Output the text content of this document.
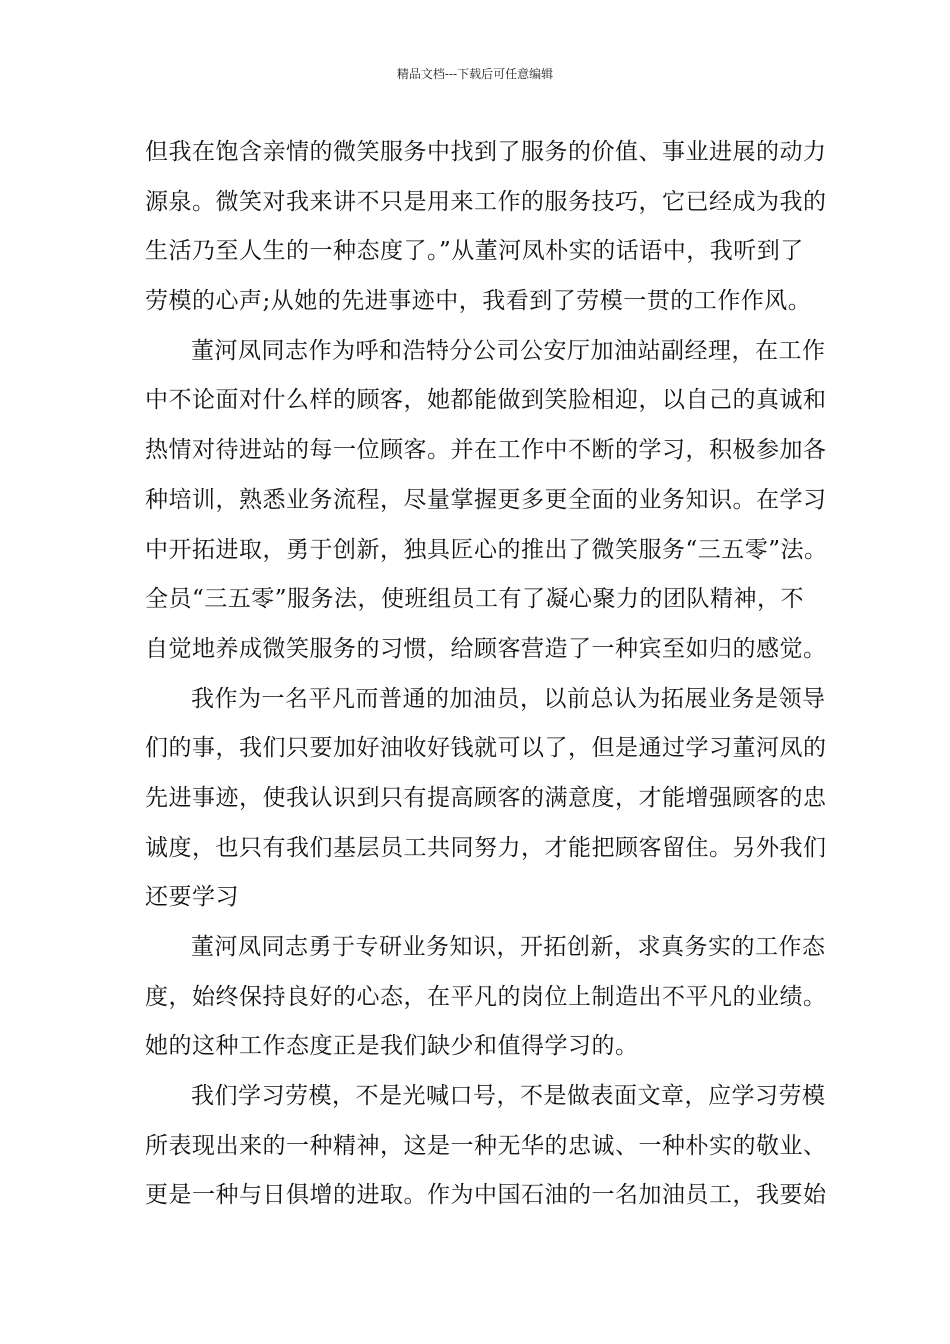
精品文档---下载后可任意编辑
但我在饱含亲情的微笑服务中找到了服务的价值、事业进展的动力
源泉。微笑对我来讲不只是用来工作的服务技巧，它已经成为我的
生活乃至人生的一种态度了。”从董河凤朴实的话语中，我听到了
劳模的心声;从她的先进事迹中，我看到了劳模一贯的工作作风。
董河凤同志作为呼和浩特分公司公安厅加油站副经理，在工作
中不论面对什么样的顾客，她都能做到笑脸相迎，以自己的真诚和
热情对待进站的每一位顾客。并在工作中不断的学习，积极参加各
种培训，熟悉业务流程，尽量掌握更多更全面的业务知识。在学习
中开拓进取，勇于创新，独具匠心的推出了微笑服务“三五零”法。
全员“三五零”服务法，使班组员工有了凝心聚力的团队精神，不
自觉地养成微笑服务的习惯，给顾客营造了一种宾至如归的感觉。
我作为一名平凡而普通的加油员，以前总认为拓展业务是领导
们的事，我们只要加好油收好钱就可以了，但是通过学习董河凤的
先进事迹，使我认识到只有提高顾客的满意度，才能增强顾客的忠
诚度，也只有我们基层员工共同努力，才能把顾客留住。另外我们
还要学习
董河凤同志勇于专研业务知识，开拓创新，求真务实的工作态
度，始终保持良好的心态，在平凡的岗位上制造出不平凡的业绩。
她的这种工作态度正是我们缺少和值得学习的。
我们学习劳模，不是光喊口号，不是做表面文章，应学习劳模
所表现出来的一种精神，这是一种无华的忠诚、一种朴实的敬业、
更是一种与日俱增的进取。作为中国石油的一名加油员工，我要始
